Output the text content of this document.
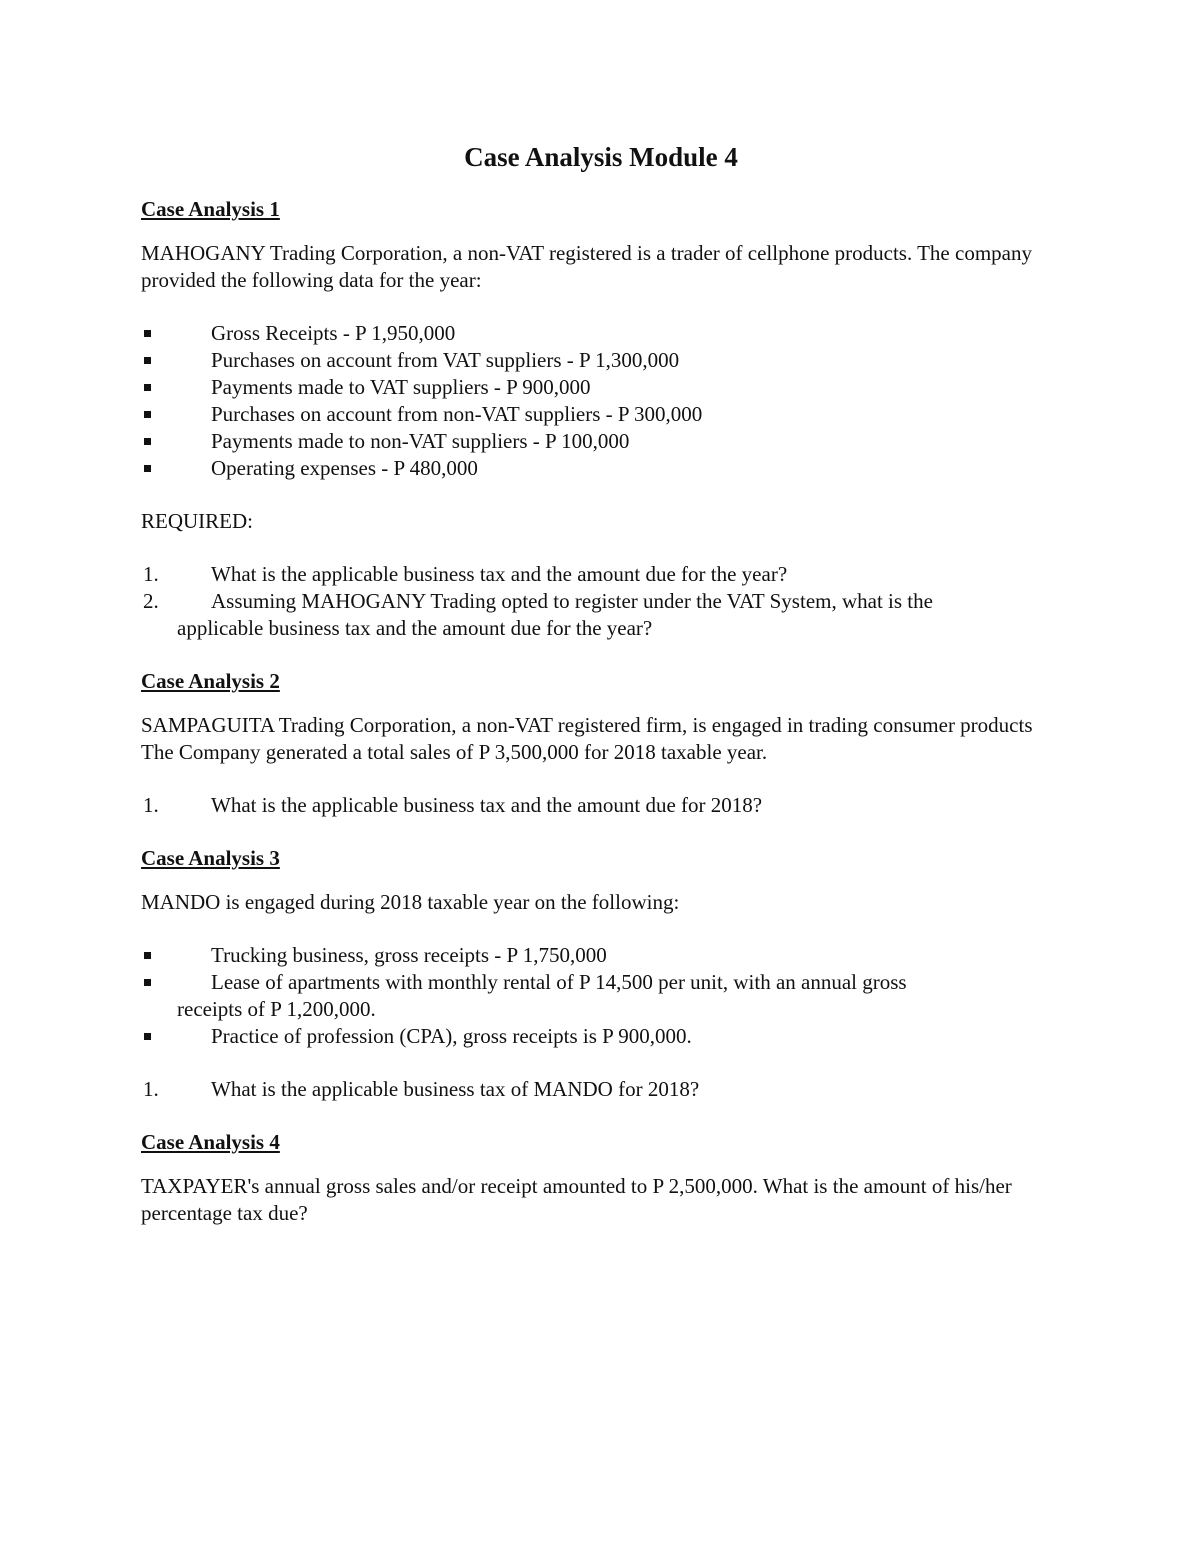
Case Analysis Module 4
Case Analysis 1
MAHOGANY Trading Corporation, a non-VAT registered is a trader of cellphone products. The company provided the following data for the year:
Gross Receipts - P 1,950,000
Purchases on account from VAT suppliers - P 1,300,000
Payments made to VAT suppliers - P 900,000
Purchases on account from non-VAT suppliers - P 300,000
Payments made to non-VAT suppliers - P 100,000
Operating expenses - P 480,000
REQUIRED:
1. What is the applicable business tax and the amount due for the year?
2. Assuming MAHOGANY Trading opted to register under the VAT System, what is the
applicable business tax and the amount due for the year?
Case Analysis 2
SAMPAGUITA Trading Corporation, a non-VAT registered firm, is engaged in trading consumer products The Company generated a total sales of P 3,500,000 for 2018 taxable year.
1. What is the applicable business tax and the amount due for 2018?
Case Analysis 3
MANDO is engaged during 2018 taxable year on the following:
Trucking business, gross receipts - P 1,750,000
Lease of apartments with monthly rental of P 14,500 per unit, with an annual gross
receipts of P 1,200,000.
Practice of profession (CPA), gross receipts is P 900,000.
1. What is the applicable business tax of MANDO for 2018?
Case Analysis 4
TAXPAYER's annual gross sales and/or receipt amounted to P 2,500,000. What is the amount of his/her percentage tax due?
